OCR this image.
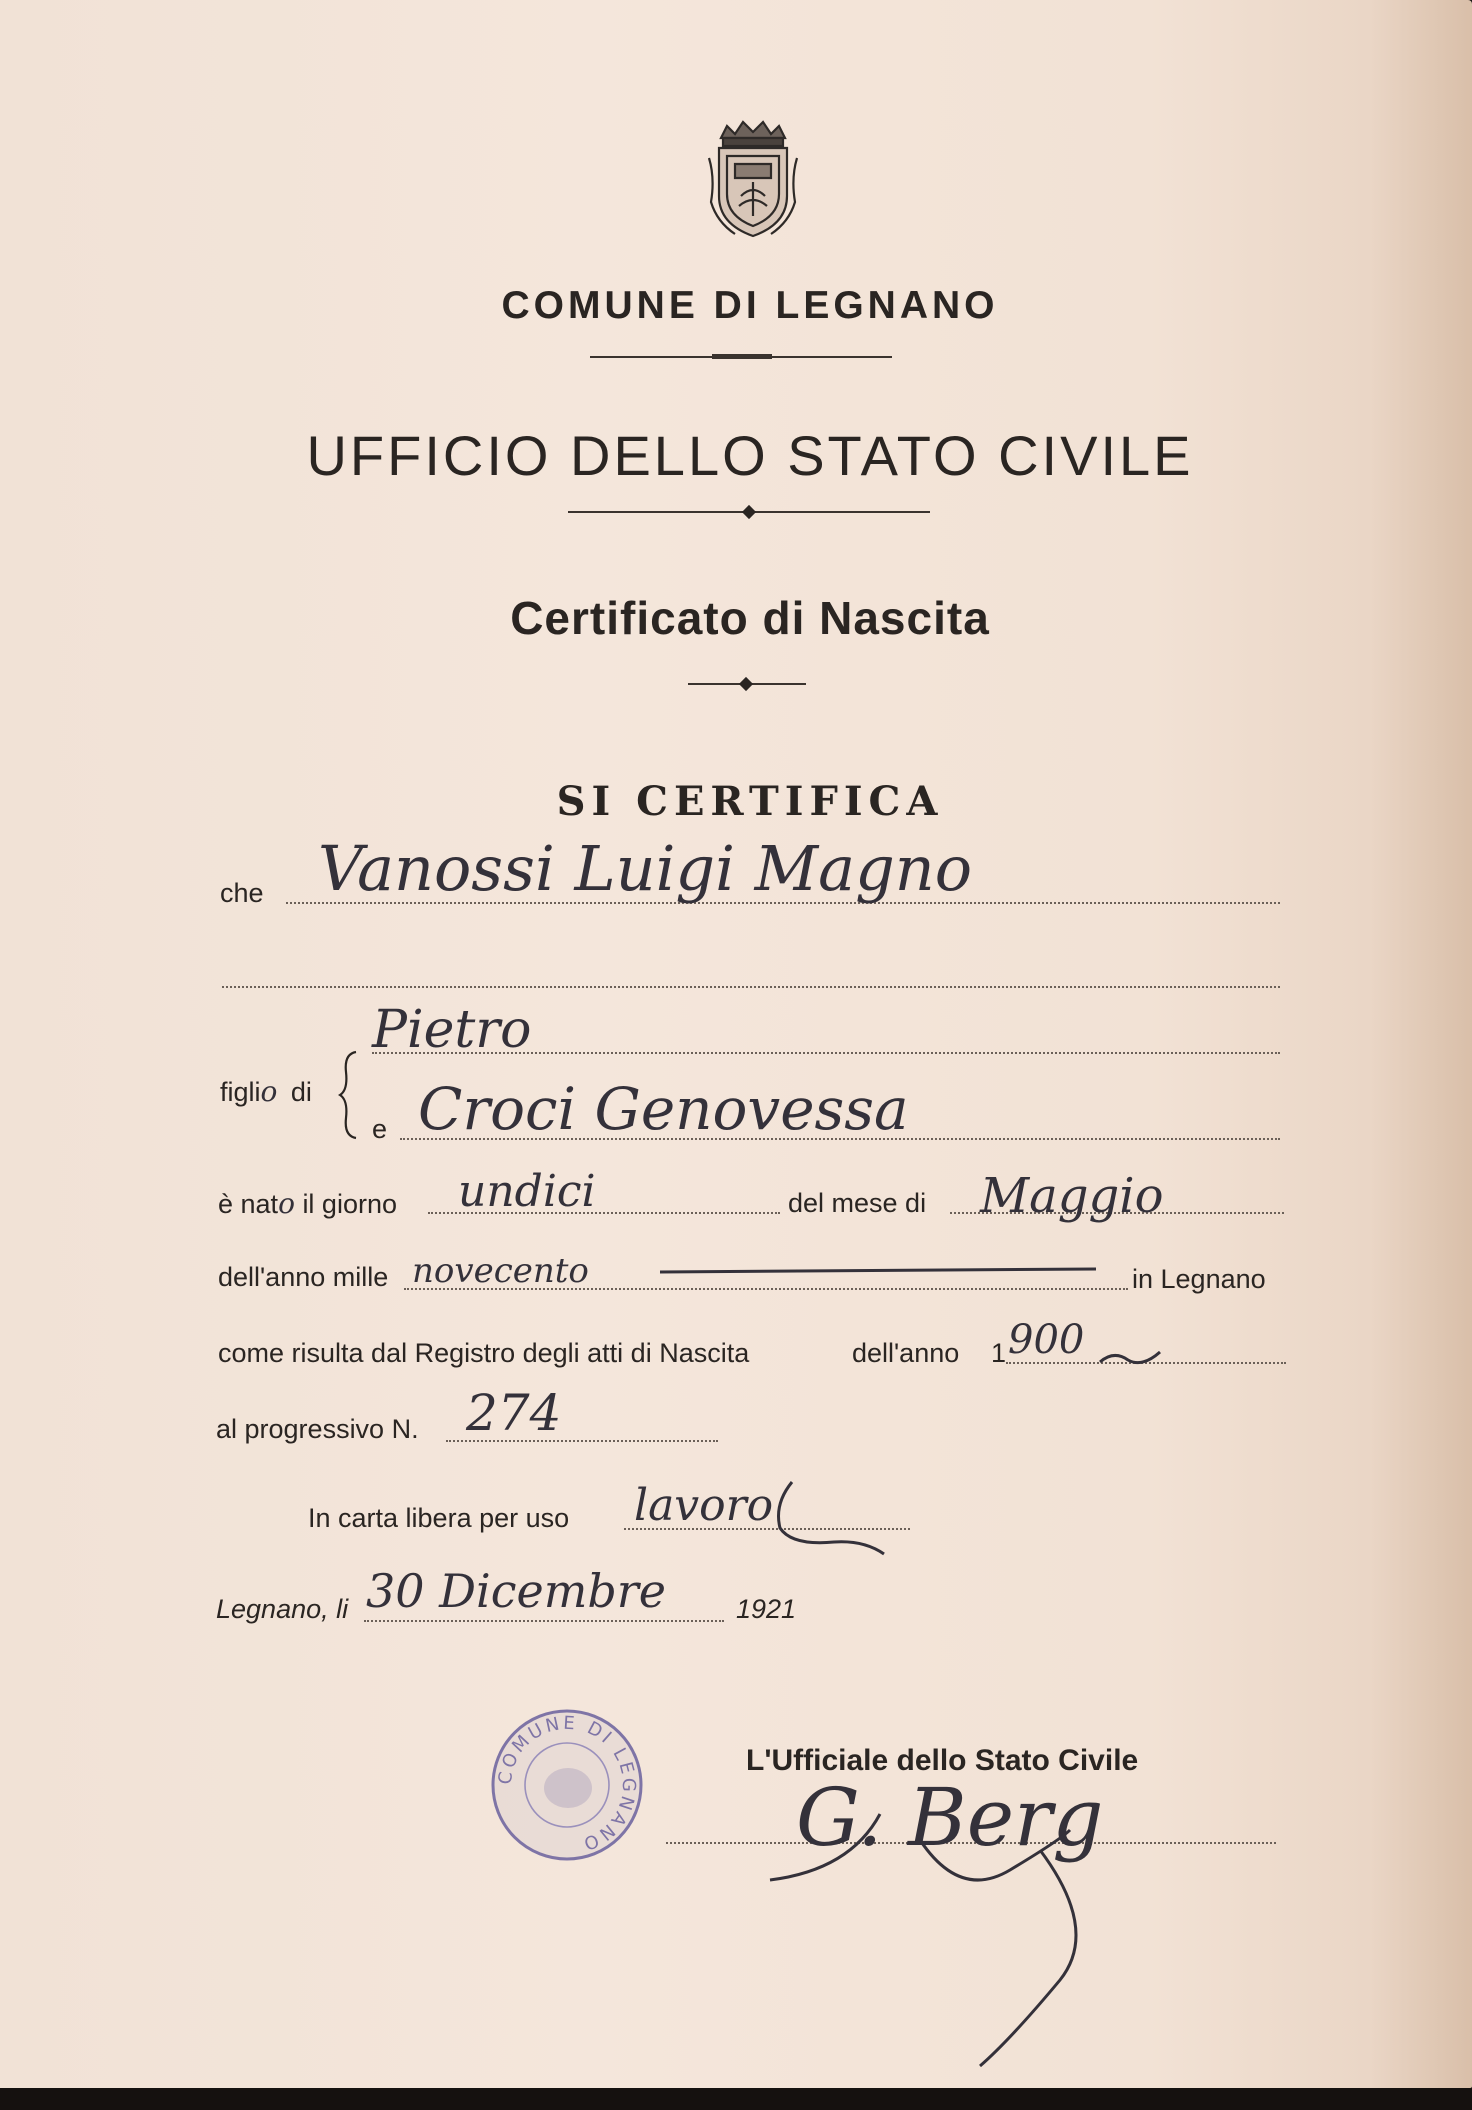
COMUNE DI LEGNANO
UFFICIO DELLO STATO CIVILE
Certificato di Nascita
SI CERTIFICA
che Vanossi Luigi Magno
figlio di
Pietro
e Croci Genovessa
è nato il giorno undici	del mese di Maggio
dell'anno mille novecento	in Legnano
come risulta dal Registro degli atti di Nascita	dell'anno 1 900
al progressivo N. 274
In carta libera per uso lavoro
Legnano, li 30 Dicembre	1921
COMUNE DI LEGNANO
L'Ufficiale dello Stato Civile
G. Berg
